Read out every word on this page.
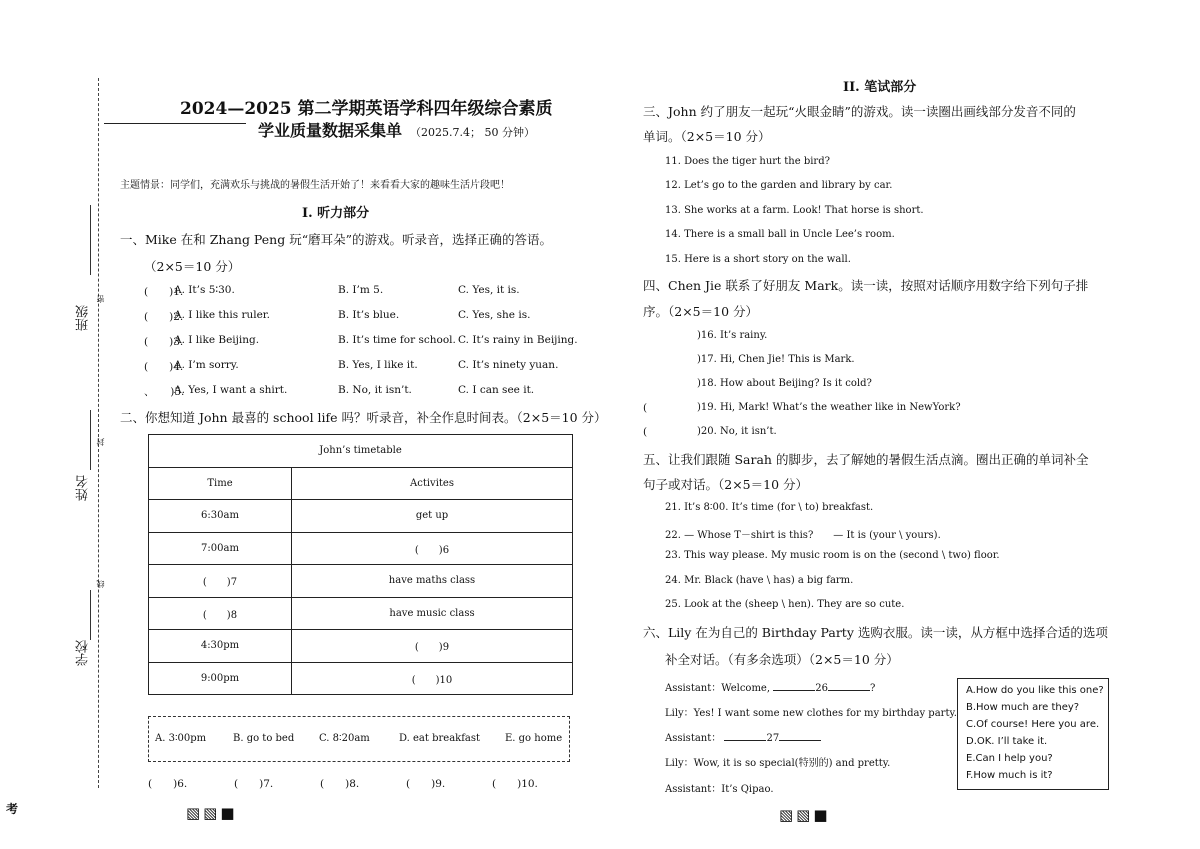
班级
密
姓名
封
学校
线
考
2024—2025 第二学期英语学科四年级综合素质
学业质量数据采集单 （2025.7.4； 50 分钟）
主题情景：同学们，充满欢乐与挑战的暑假生活开始了！来看看大家的趣味生活片段吧！
I. 听力部分
一、Mike 在和 Zhang Peng 玩“磨耳朵”的游戏。听录音，选择正确的答语。
（2×5＝10 分）
(　　)1.
A. It’s 5∶30.	B. I’m 5.	C. Yes, it is.
(　　)2.
A. I like this ruler.	B. It’s blue.	C. Yes, she is.
(　　)3.
A. I like Beijing.	B. It’s time for school. C. It’s rainy in Beijing.
(　　)4.
A. I’m sorry.	B. Yes, I like it.	C. It’s ninety yuan.
、　　)5.
A. Yes, I want a shirt.	B. No, it isn’t.	C. I can see it.
二、你想知道 John 最喜的 school life 吗？听录音，补全作息时间表。（2×5＝10 分）
John’s timetable	
Time	Activites
6:30am	get up
7:00am	(　　)6
(　　)7	have maths class
(　　)8	have music class
4:30pm	(　　)9
9:00pm	(　　)10
A. 3∶00pm	B. go to bed C. 8∶20am	D. eat breakfast E. go home
(　　)6.	(　　)7.	(　　)8.	(　　)9.	(　　)10.
▧▧■
II. 笔试部分
三、John 约了朋友一起玩“火眼金睛”的游戏。读一读圈出画线部分发音不同的
单词。（2×5＝10 分）
11. Does the tiger hurt the bird?
12. Let’s go to the garden and library by car.
13. She works at a farm. Look! That horse is short.
14. There is a small ball in Uncle Lee’s room.
15. Here is a short story on the wall.
四、Chen Jie 联系了好朋友 Mark。读一读，按照对话顺序用数字给下列句子排
序。（2×5＝10 分）
)16. It’s rainy.
)17. Hi, Chen Jie! This is Mark.
)18. How about Beijing? Is it cold?
(	)19. Hi, Mark! What’s the weather like in NewYork?
(	)20. No, it isn’t.
五、让我们跟随 Sarah 的脚步，去了解她的暑假生活点滴。圈出正确的单词补全
句子或对话。（2×5＝10 分）
21. It’s 8∶00. It’s time (for \ to) breakfast.
22. — Whose T－shirt is this?　　— It is (your \ yours).
23. This way please. My music room is on the (second \ two) floor.
24. Mr. Black (have \ has) a big farm.
25. Look at the (sheep \ hen). They are so cute.
六、Lily 在为自己的 Birthday Party 选购衣服。读一读，从方框中选择合适的选项
补全对话。（有多余选项）（2×5＝10 分）
Assistant：Welcome,	26	?
Lily：Yes! I want some new clothes for my birthday party.
Assistant：	27
Lily：Wow, it is so special(特别的) and pretty.
Assistant：It’s Qipao.
A.How do you like this one?
B.How much are they?
C.Of course! Here you are.
D.OK. I’ll take it.
E.Can I help you?
F.How much is it?
▧▧■
